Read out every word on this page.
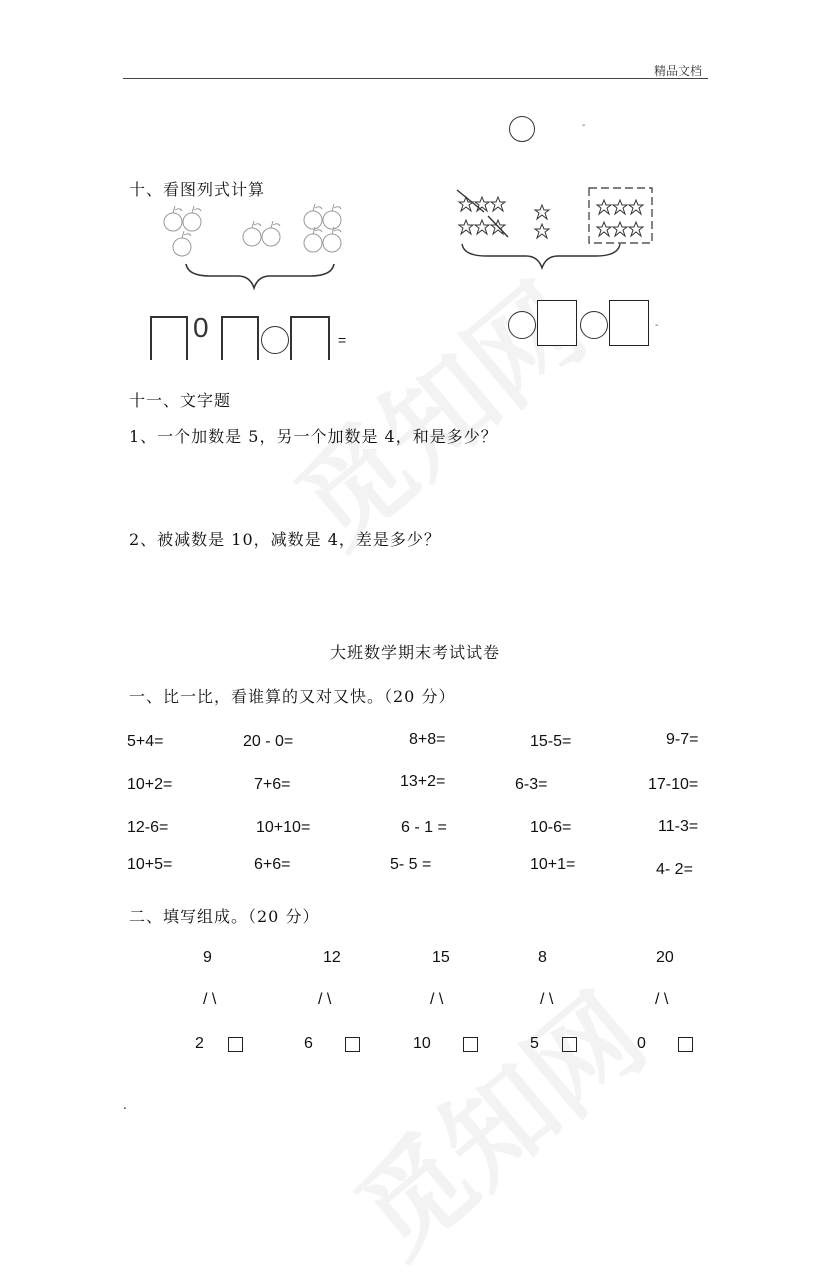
精品文档
-
十、看图列式计算
0	=
-
十一、文字题
1、一个加数是 5，另一个加数是 4，和是多少？
2、被减数是 10，减数是 4，差是多少？
大班数学期末考试试卷
一、比一比，看谁算的又对又快。（20 分）
5+4=	20 - 0=	8+8=	15-5=	9-7=
10+2=	7+6=	13+2=	6-3=	17-10=
12-6=	10+10=	6 - 1 =	10-6=	11-3=
10+5=	6+6=	5- 5 =	10+1=	4- 2=
二、填写组成。（20 分）
9
/ \
2
12
/ \
6
15
/ \
10
8
/ \
5
20
/ \
0
.
